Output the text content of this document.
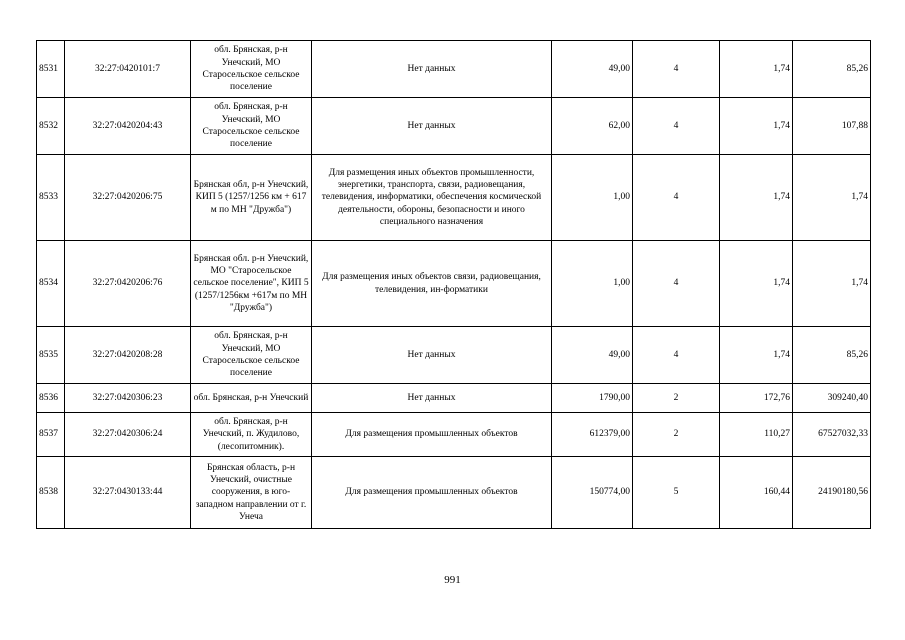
8531	32:27:0420101:7	обл. Брянская, р-н Унечский, МО Старосельское сельское поселение	Нет данных	49,00	4	1,74	85,26
8532	32:27:0420204:43	обл. Брянская, р-н Унечский, МО Старосельское сельское поселение	Нет данных	62,00	4	1,74	107,88
8533	32:27:0420206:75	Брянская обл, р-н Унечский, КИП 5 (1257/1256 км + 617 м по МН "Дружба")	Для размещения иных объектов промышленности, энергетики, транспорта, связи, радиовещания, телевидения, информатики, обеспечения космической деятельности, обороны, безопасности и иного специального назначения	1,00	4	1,74	1,74
8534	32:27:0420206:76	Брянская обл. р-н Унечский, МО "Старосельское сельское поселение", КИП 5 (1257/1256км +617м по МН "Дружба")	Для размещения иных объектов связи, радиовещания, телевидения, ин-форматики	1,00	4	1,74	1,74
8535	32:27:0420208:28	обл. Брянская, р-н Унечский, МО Старосельское сельское поселение	Нет данных	49,00	4	1,74	85,26
8536	32:27:0420306:23	обл. Брянская, р-н Унечский	Нет данных	1790,00	2	172,76	309240,40
8537	32:27:0420306:24	обл. Брянская, р-н Унечский, п. Жудилово, (лесопитомник).	Для размещения промышленных объектов	612379,00	2	110,27	67527032,33
8538	32:27:0430133:44	Брянская область, р-н Унечский, очистные сооружения, в юго-западном направлении от г. Унеча	Для размещения промышленных объектов	150774,00	5	160,44	24190180,56
991
